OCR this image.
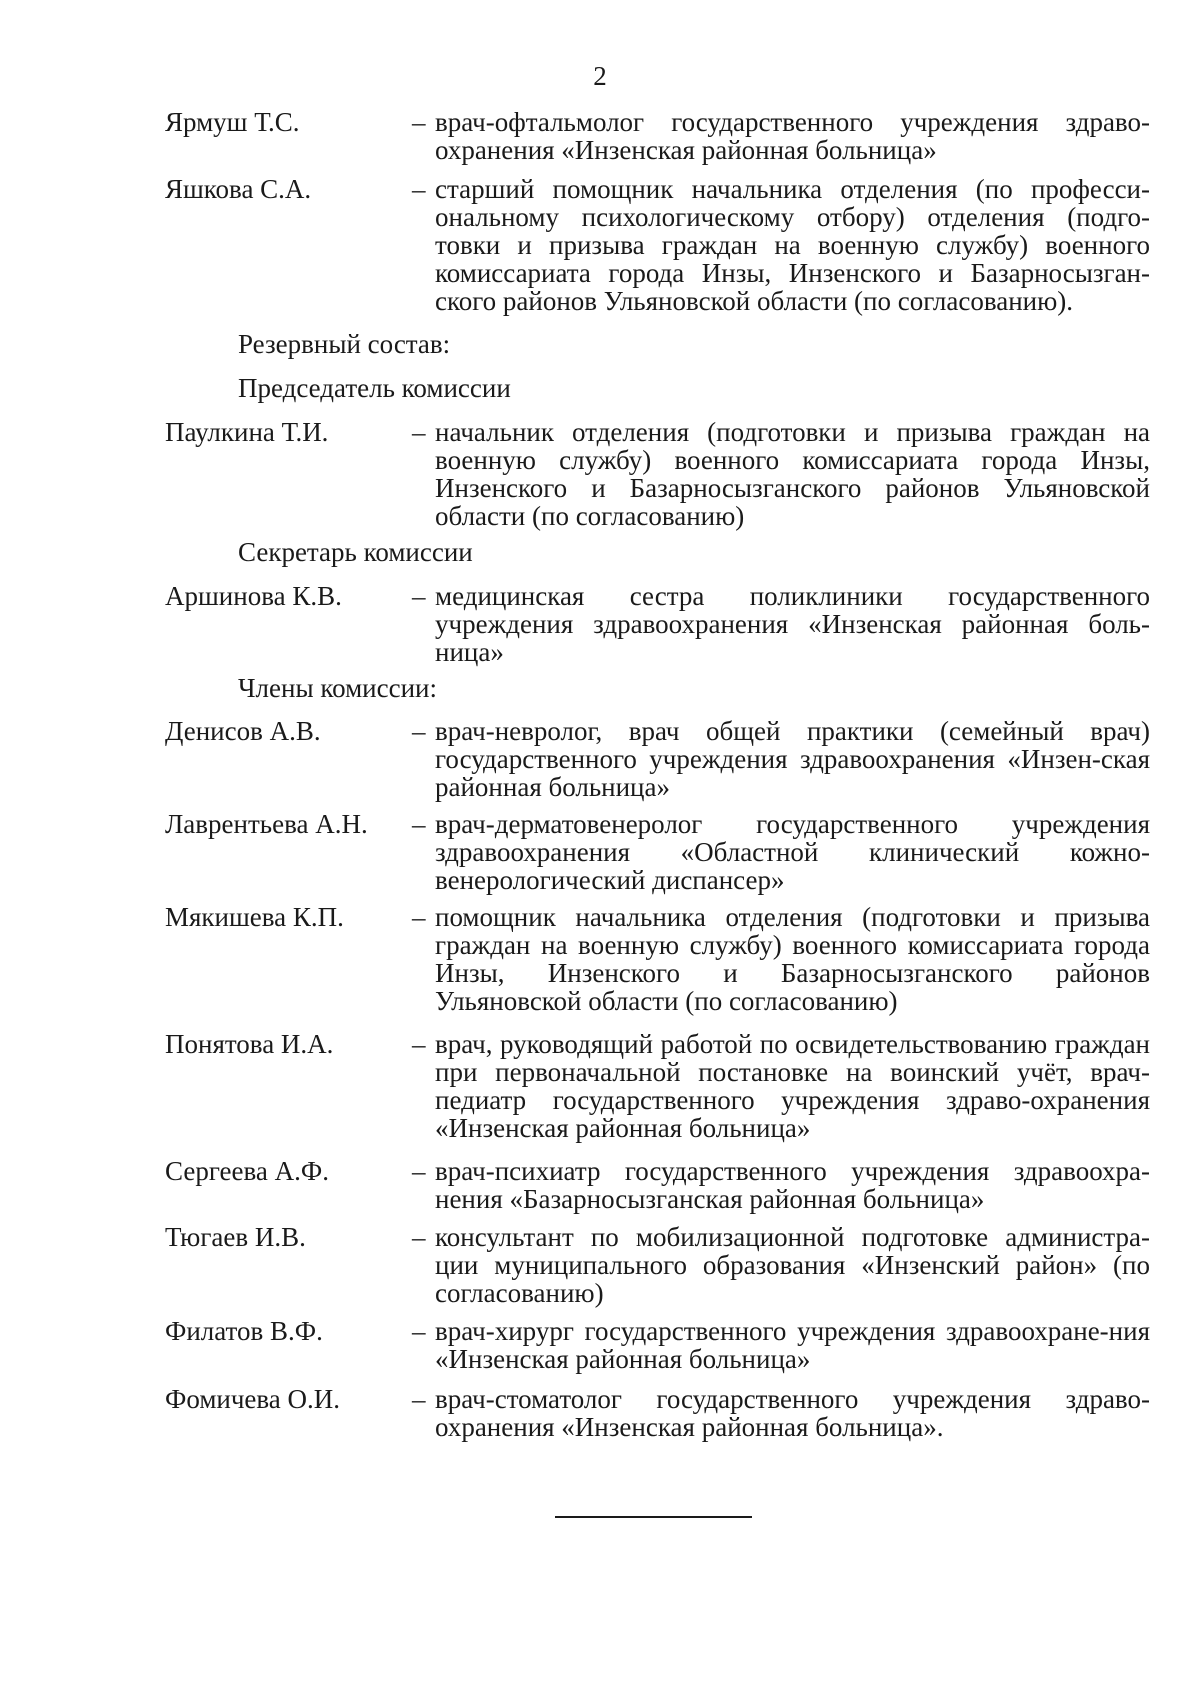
2
Ярмуш Т.С.	– врач-офтальмолог государственного учреждения здраво-охранения «Инзенская районная больница»
Яшкова С.А.	– старший помощник начальника отделения (по професси-ональному психологическому отбору) отделения (подго-товки и призыва граждан на военную службу) военного комиссариата города Инзы, Инзенского и Базарносызган-ского районов Ульяновской области (по согласованию).
Резервный состав:
Председатель комиссии
Паулкина Т.И.	– начальник отделения (подготовки и призыва граждан на военную службу) военного комиссариата города Инзы, Инзенского и Базарносызганского районов Ульяновской области (по согласованию)
Секретарь комиссии
Аршинова К.В.	– медицинская сестра поликлиники государственного учреждения здравоохранения «Инзенская районная боль-ница»
Члены комиссии:
Денисов А.В.	– врач-невролог, врач общей практики (семейный врач) государственного учреждения здравоохранения «Инзен-ская районная больница»
Лаврентьева А.Н. – врач-дерматовенеролог государственного учреждения здравоохранения «Областной клинический кожно-венерологический диспансер»
Мякишева К.П.	– помощник начальника отделения (подготовки и призыва граждан на военную службу) военного комиссариата города Инзы, Инзенского и Базарносызганского районов Ульяновской области (по согласованию)
Понятова И.А.	– врач, руководящий работой по освидетельствованию граждан при первоначальной постановке на воинский учёт, врач-педиатр государственного учреждения здраво-охранения «Инзенская районная больница»
Сергеева А.Ф.	– врач-психиатр государственного учреждения здравоохра-нения «Базарносызганская районная больница»
Тюгаев И.В.	– консультант по мобилизационной подготовке администра-ции муниципального образования «Инзенский район» (по согласованию)
Филатов В.Ф.	– врач-хирург государственного учреждения здравоохране-ния «Инзенская районная больница»
Фомичева О.И.	– врач-стоматолог государственного учреждения здраво-охранения «Инзенская районная больница».
